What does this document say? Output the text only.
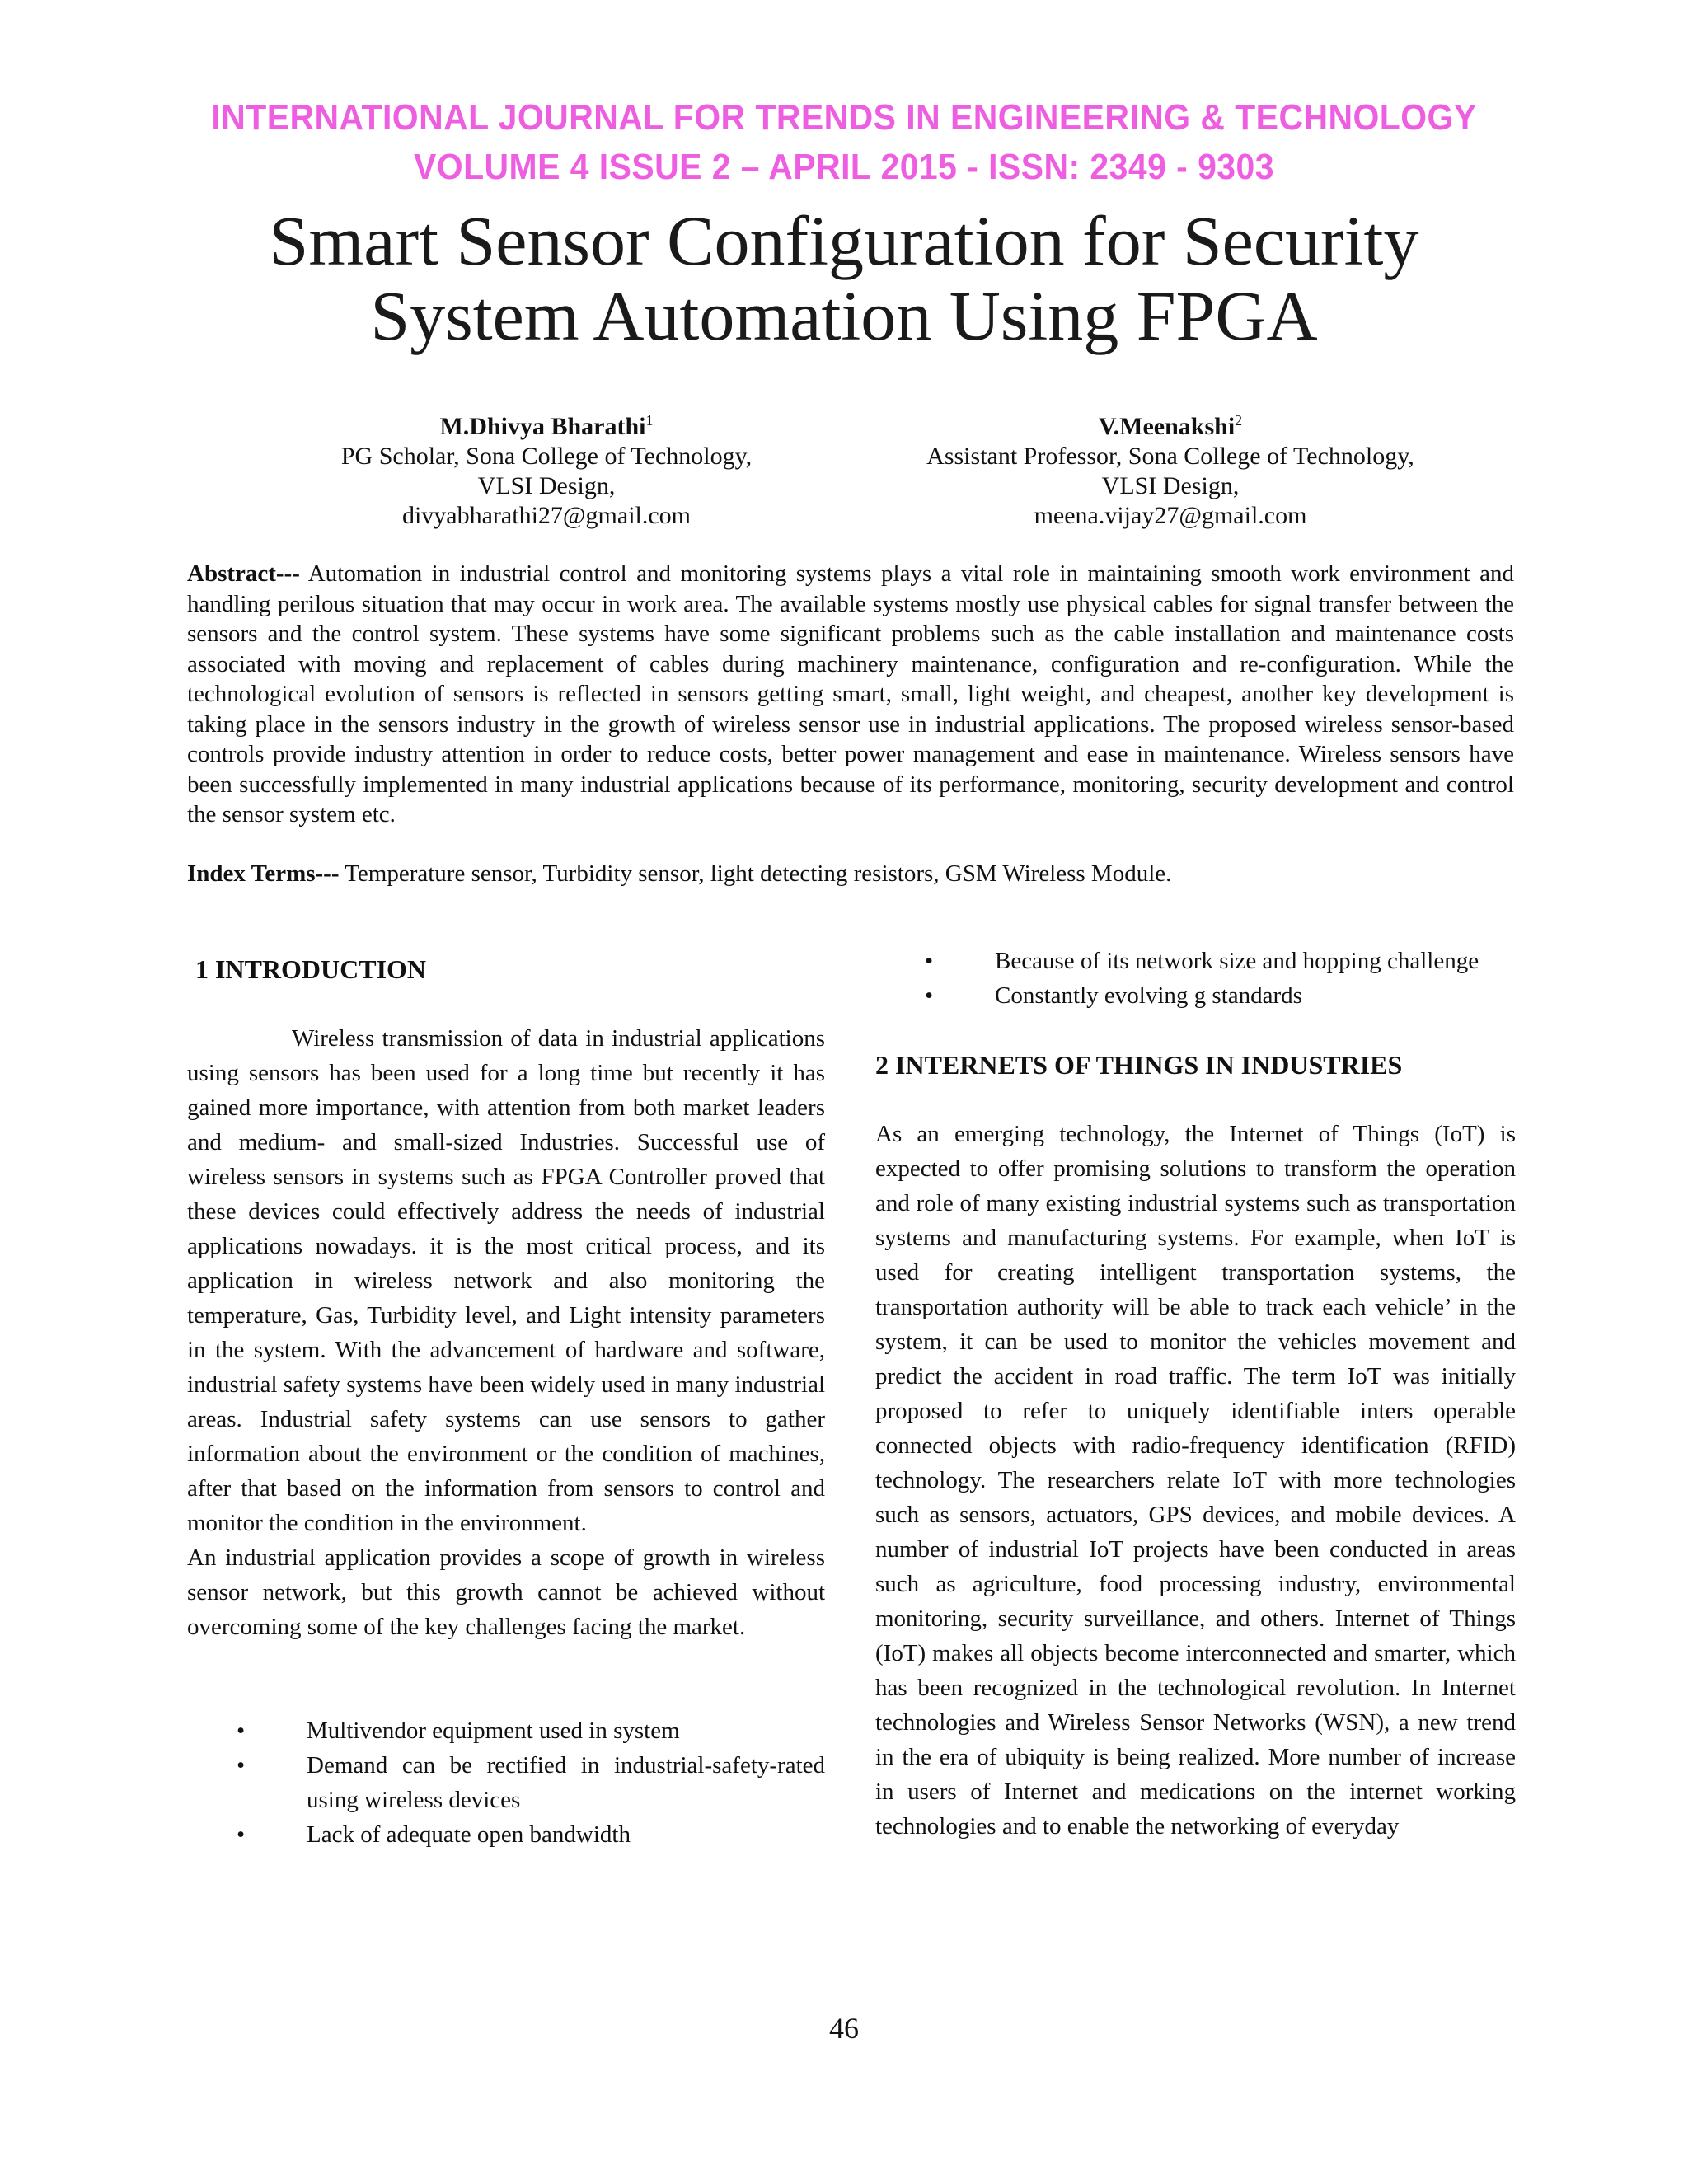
INTERNATIONAL JOURNAL FOR TRENDS IN ENGINEERING & TECHNOLOGY
VOLUME 4 ISSUE 2 – APRIL 2015 - ISSN: 2349 - 9303
Smart Sensor Configuration for Security
System Automation Using FPGA
M.Dhivya Bharathi$^1$
PG Scholar, Sona College of Technology,
VLSI Design,
divyabharathi27@gmail.com
V.Meenakshi$^2$
Assistant Professor, Sona College of Technology,
VLSI Design,
meena.vijay27@gmail.com
Abstract--- Automation in industrial control and monitoring systems plays a vital role in maintaining smooth work environment and handling perilous situation that may occur in work area. The available systems mostly use physical cables for signal transfer between the sensors and the control system. These systems have some significant problems such as the cable installation and maintenance costs associated with moving and replacement of cables during machinery maintenance, configuration and re-configuration. While the technological evolution of sensors is reflected in sensors getting smart, small, light weight, and cheapest, another key development is taking place in the sensors industry in the growth of wireless sensor use in industrial applications. The proposed wireless sensor-based controls provide industry attention in order to reduce costs, better power management and ease in maintenance. Wireless sensors have been successfully implemented in many industrial applications because of its performance, monitoring, security development and control the sensor system etc.
Index Terms--- Temperature sensor, Turbidity sensor, light detecting resistors, GSM Wireless Module.
1 INTRODUCTION

Wireless transmission of data in industrial applications using sensors has been used for a long time but recently it has gained more importance, with attention from both market leaders and medium- and small-sized Industries. Successful use of wireless sensors in systems such as FPGA Controller proved that these devices could effectively address the needs of industrial applications nowadays. it is the most critical process, and its application in wireless network and also monitoring the temperature, Gas, Turbidity level, and Light intensity parameters in the system. With the advancement of hardware and software, industrial safety systems have been widely used in many industrial areas. Industrial safety systems can use sensors to gather information about the environment or the condition of machines, after that based on the information from sensors to control and monitor the condition in the environment.

An industrial application provides a scope of growth in wireless sensor network, but this growth cannot be achieved without overcoming some of the key challenges facing the market.

•	Multivendor equipment used in system
•	Demand can be rectified in industrial-safety-rated using wireless devices
•	Lack of adequate open bandwidth
•	Because of its network size and hopping challenge
•	Constantly evolving g standards
2 INTERNETS OF THINGS IN INDUSTRIES

As an emerging technology, the Internet of Things (IoT) is expected to offer promising solutions to transform the operation and role of many existing industrial systems such as transportation systems and manufacturing systems. For example, when IoT is used for creating intelligent transportation systems, the transportation authority will be able to track each vehicle’ in the system, it can be used to monitor the vehicles movement and predict the accident in road traffic. The term IoT was initially proposed to refer to uniquely identifiable inters operable connected objects with radio-frequency identification (RFID) technology. The researchers relate IoT with more technologies such as sensors, actuators, GPS devices, and mobile devices. A number of industrial IoT projects have been conducted in areas such as agriculture, food processing industry, environmental monitoring, security surveillance, and others. Internet of Things (IoT) makes all objects become interconnected and smarter, which has been recognized in the technological revolution. In Internet technologies and Wireless Sensor Networks (WSN), a new trend in the era of ubiquity is being realized. More number of increase in users of Internet and medications on the internet working technologies and to enable the networking of everyday

46
